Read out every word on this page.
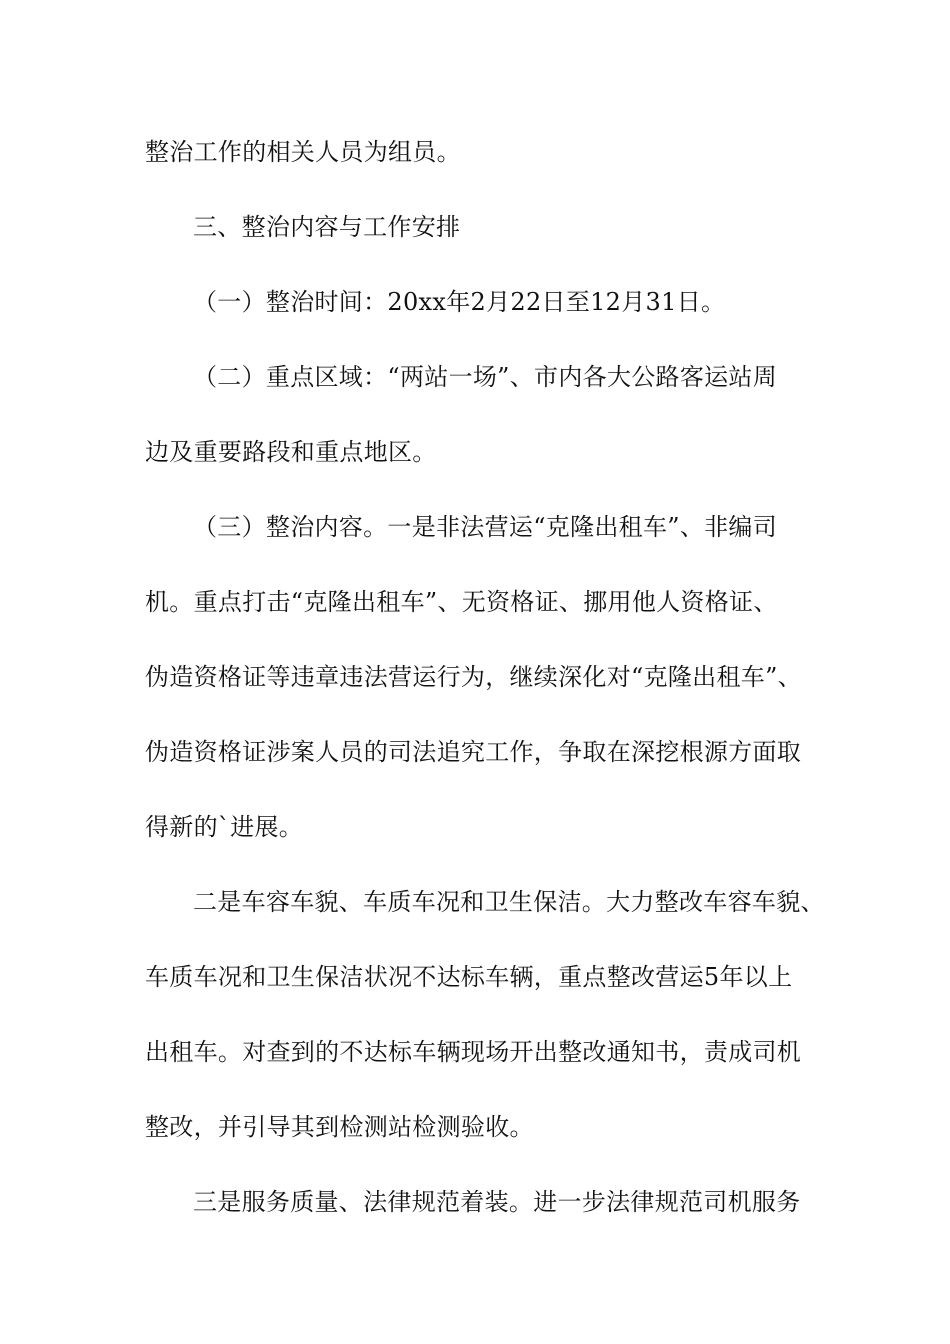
整治工作的相关人员为组员。
三、整治内容与工作安排
（一）整治时间：20xx年2月22日至12月31日。
（二）重点区域：“两站一场”、市内各大公路客运站周
边及重要路段和重点地区。
（三）整治内容。一是非法营运“克隆出租车”、非编司
机。重点打击“克隆出租车”、无资格证、挪用他人资格证、
伪造资格证等违章违法营运行为，继续深化对“克隆出租车”、
伪造资格证涉案人员的司法追究工作，争取在深挖根源方面取
得新的`进展。
二是车容车貌、车质车况和卫生保洁。大力整改车容车貌、
车质车况和卫生保洁状况不达标车辆，重点整改营运5年以上
出租车。对查到的不达标车辆现场开出整改通知书，责成司机
整改，并引导其到检测站检测验收。
三是服务质量、法律规范着装。进一步法律规范司机服务
